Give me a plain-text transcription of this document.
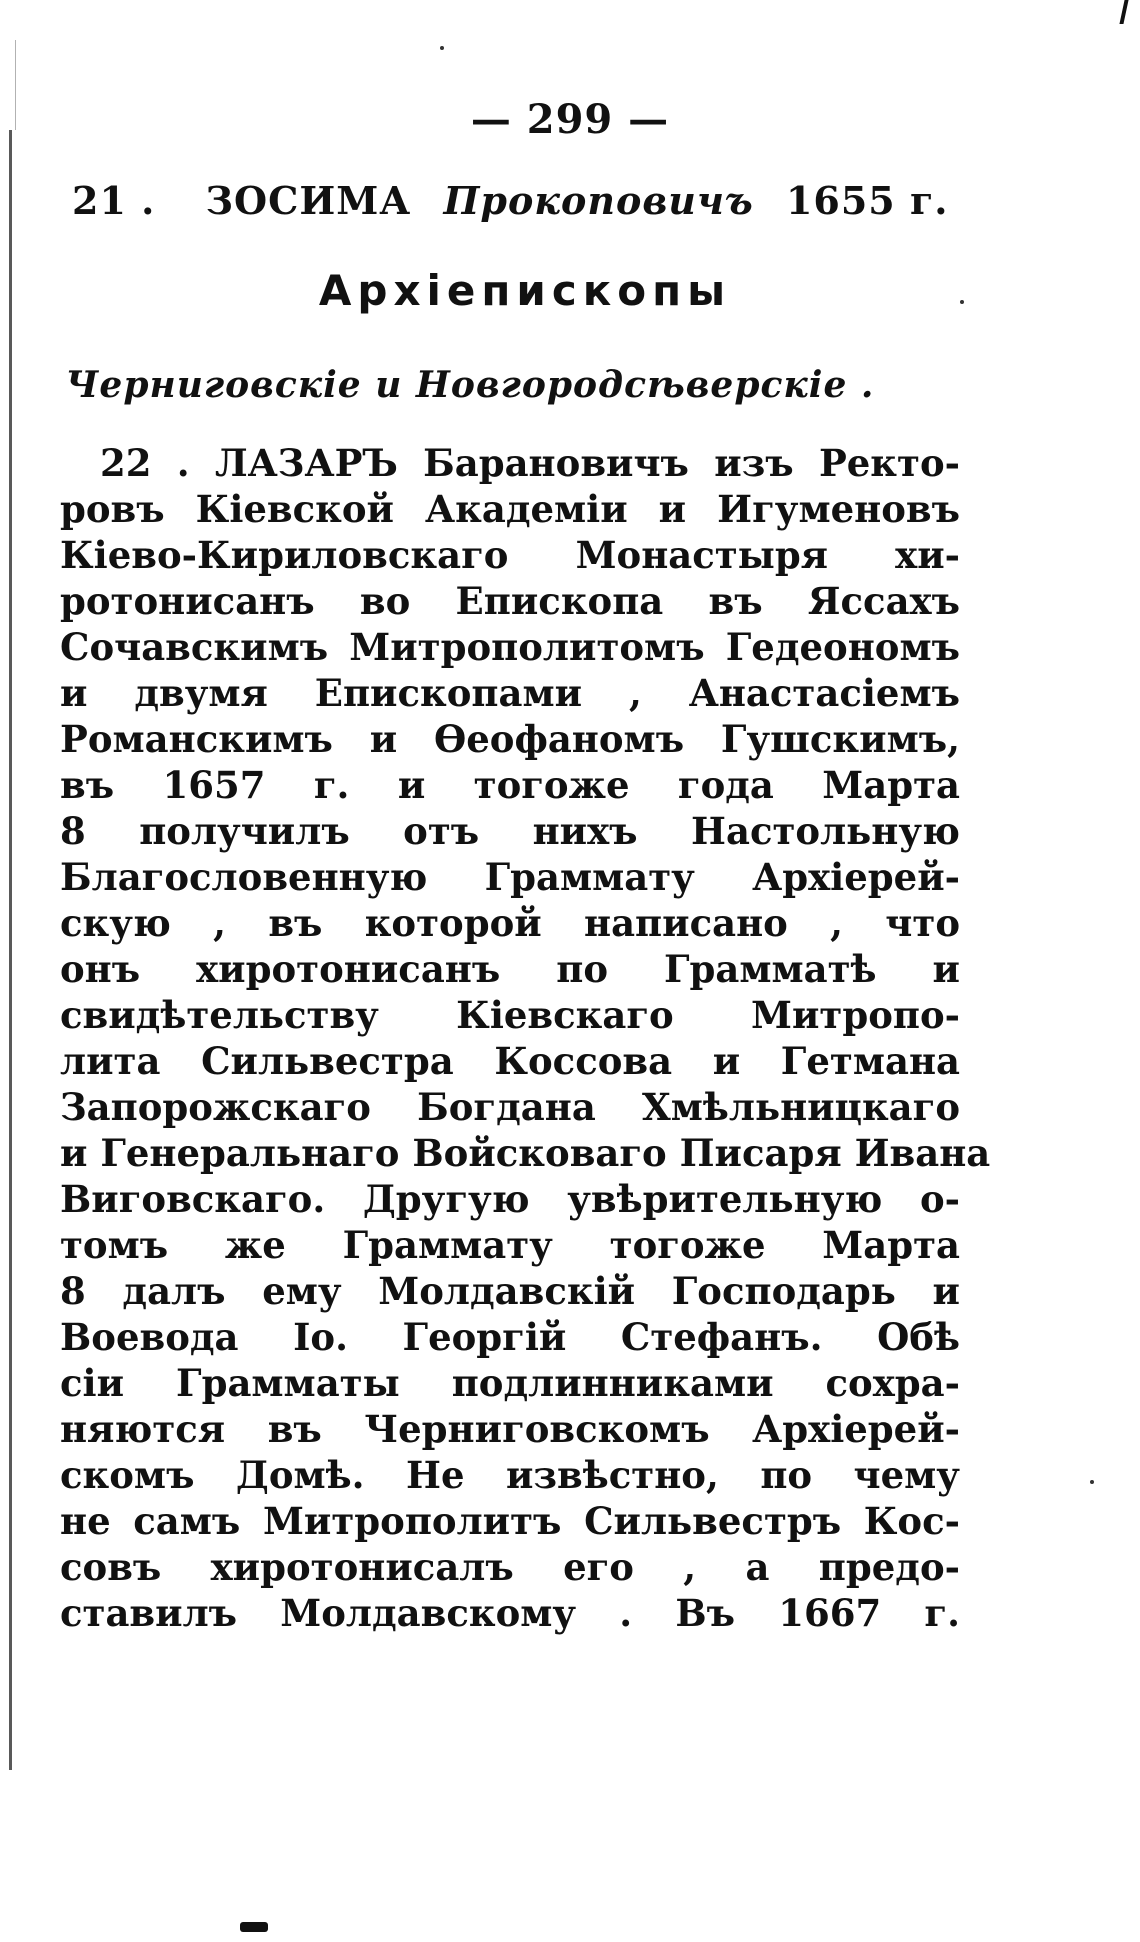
— 299 —
21 . ЗОСИМА Прокоповичъ 1655 г.
Архіепископы
Черниговскіе и Новгородсѣверскіе .
22 . ЛАЗАРЪ Барановичъ изъ Ректо-
ровъ Кіевской Академіи и Игуменовъ
Кіево-Кириловскаго Монастыря хи-
ротонисанъ во Епископа въ Яссахъ
Сочавскимъ Митрополитомъ Гедеономъ
и двумя Епископами , Анастасіемъ
Романскимъ и Ѳеофаномъ Гушскимъ,
въ 1657 г. и тогоже года Марта
8 получилъ отъ нихъ Настольную
Благословенную Граммату Архіерей-
скую , въ которой написано , что
онъ хиротонисанъ по Грамматѣ и
свидѣтельству Кіевскаго Митропо-
лита Сильвестра Коссова и Гетмана
Запорожскаго Богдана Хмѣльницкаго
и Генеральнаго Войсковаго Писаря Ивана
Виговскаго. Другую увѣрительную о-
томъ же Граммату тогоже Марта
8 далъ ему Молдавскій Господарь и
Воевода Іо. Георгій Стефанъ. Обѣ
сіи Грамматы подлинниками сохра-
няются въ Черниговскомъ Архіерей-
скомъ Домѣ. Не извѣстно, по чему
не самъ Митрополитъ Сильвестръ Кос-
совъ хиротонисалъ его , а предо-
ставилъ Молдавскому . Въ 1667 г.
